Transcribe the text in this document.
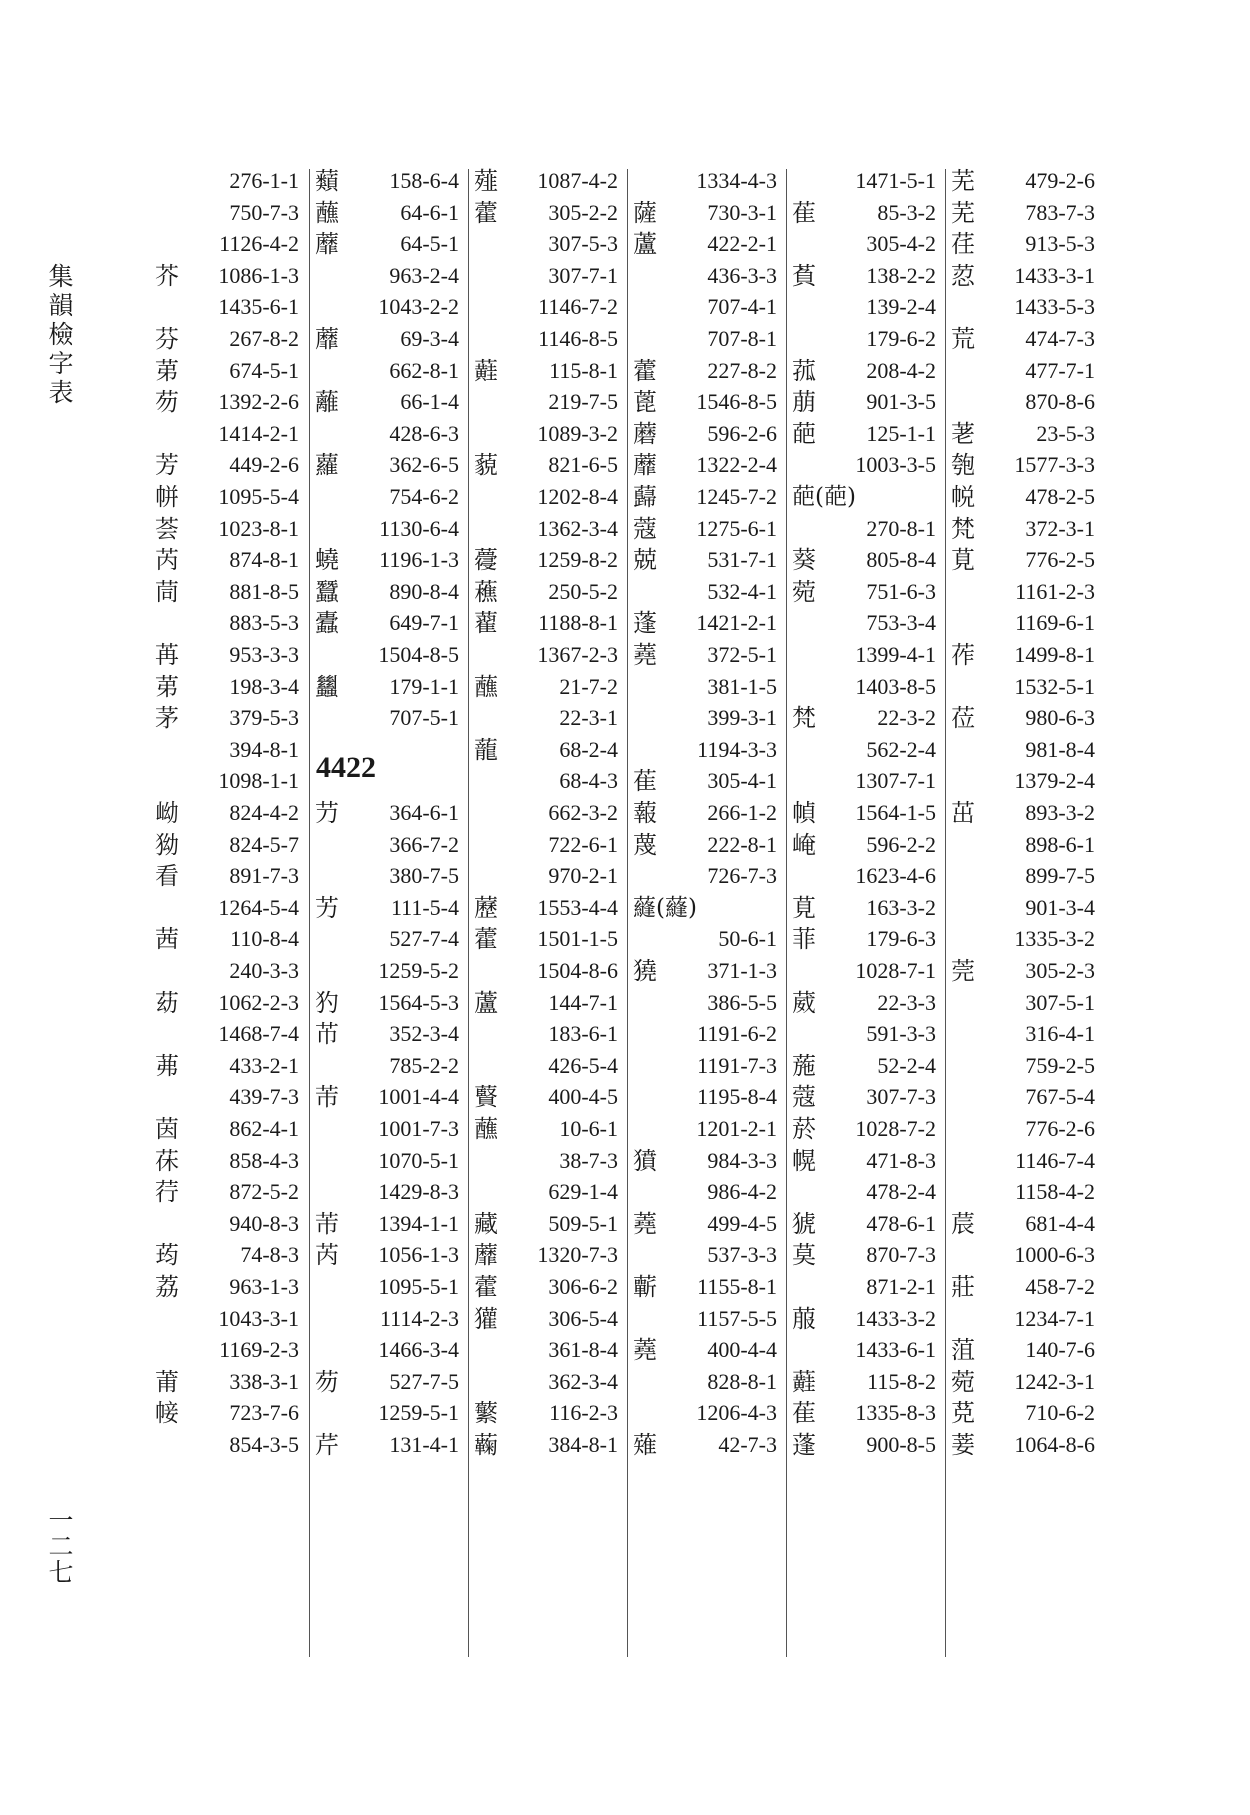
集
韻
檢
字
表
一
二
七
276-1-1
750-7-3
1126-4-2
芥 1086-1-3
1435-6-1
芬 267-8-2
苐 674-5-1
芴 1392-2-6
1414-2-1
芳 449-2-6
帡 1095-5-4
荟 1023-8-1
芮 874-8-1
茼 881-8-5
883-5-3
苒 953-3-3
苐 198-3-4
茅 379-5-3
394-8-1
1098-1-1
岰 824-4-2
狕 824-5-7
看 891-7-3
1264-5-4
茜 110-8-4
240-3-3
苭 1062-2-3
1468-7-4
茀 433-2-1
439-7-3
茵 862-4-1
茠 858-4-3
荇 872-5-2
940-8-3
荺	74-8-3
荔 963-1-3
1043-3-1
1169-2-3
莆 338-3-1
帹 723-7-6
854-3-5
4422
蘱 158-6-4
蘸	64-6-1
蘼	64-5-1
963-2-4
1043-2-2
蘼	69-3-4
662-8-1
蘺	66-1-4
428-6-3
蘿 362-6-5
754-6-2
1130-6-4
蟯 1196-1-3
蠶 890-8-4
蠹 649-7-1
1504-8-5
蠿 179-1-1
707-5-1
芀 364-6-1
366-7-2
380-7-5
艻 111-5-4
527-7-4
1259-5-2
犳 1564-5-3
芇 352-3-4
785-2-2
芾 1001-4-4
1001-7-3
1070-5-1
1429-8-3
芾 1394-1-1
芮 1056-1-3
1095-5-1
1114-2-3
1466-3-4
芴 527-7-5
1259-5-1
芹 131-4-1
薤 1087-4-2
藿 305-2-2
307-5-3
307-7-1
1146-7-2
1146-8-5
蘳 115-8-1
219-7-5
1089-3-2
藐 821-6-5
1202-8-4
1362-3-4
蘉 1259-8-2
藮 250-5-2
藋 1188-8-1
1367-2-3
蘸	21-7-2
22-3-1
蘢	68-2-4
68-4-3
662-3-2
722-6-1
970-2-1
藶 1553-4-4
藿 1501-1-5
1504-8-6
蘆 144-7-1
183-6-1
426-5-4
藖 400-4-5
蘸	10-6-1
38-7-3
629-1-4
藏 509-5-1
蘼 1320-7-3
藿 306-6-2
獾 306-5-4
361-8-4
362-3-4
蘩 116-2-3
蘜 384-8-1
1334-4-3
薩 730-3-1
蘆 422-2-1
436-3-3
707-4-1
707-8-1
藿 227-8-2
蓖 1546-8-5
蘑 596-2-6
蘼 1322-2-4
蘬 1245-7-2
蔻 1275-6-1
兢 531-7-1
532-4-1
蓬 1421-2-1
蕘 372-5-1
381-1-5
399-3-1
1194-3-3
萑 305-4-1
蕔 266-1-2
蔑 222-8-1
726-7-3
蘕(蘕)
50-6-1
獟 371-1-3
386-5-5
1191-6-2
1191-7-3
1195-8-4
1201-2-1
獖 984-3-3
986-4-2
蕘 499-4-5
537-3-3
蘄 1155-8-1
1157-5-5
蕘 400-4-4
828-8-1
1206-4-3
薙	42-7-3
1471-5-1
萑	85-3-2
305-4-2
萯 138-2-2
139-2-4
179-6-2
菰 208-4-2
萠 901-3-5
葩 125-1-1
1003-3-5
葩(葩)
270-8-1
葵 805-8-4
菀 751-6-3
753-3-4
1399-4-1
1403-8-5
梵	22-3-2
562-2-4
1307-7-1
幀 1564-1-5
崦 596-2-2
1623-4-6
莧 163-3-2
菲 179-6-3
1028-7-1
葳	22-3-3
591-3-3
葹	52-2-4
蔻 307-7-3
菸 1028-7-2
幌 471-8-3
478-2-4
猇 478-6-1
莫 870-7-3
871-2-1
菔 1433-3-2
1433-6-1
蘳 115-8-2
萑 1335-8-3
蓬 900-8-5
芜 479-2-6
芜 783-7-3
荏 913-5-3
荵 1433-3-1
1433-5-3
荒 474-7-3
477-7-1
870-8-6
荖	23-5-3
匏 1577-3-3
帨 478-2-5
梵 372-3-1
莧 776-2-5
1161-2-3
1169-6-1
莋 1499-8-1
1532-5-1
莅 980-6-3
981-8-4
1379-2-4
茁 893-3-2
898-6-1
899-7-5
901-3-4
1335-3-2
莞 305-2-3
307-5-1
316-4-1
759-2-5
767-5-4
776-2-6
1146-7-4
1158-4-2
莀 681-4-4
1000-6-3
莊 458-7-2
1234-7-1
菹 140-7-6
菀 1242-3-1
莌 710-6-2
菨 1064-8-6
